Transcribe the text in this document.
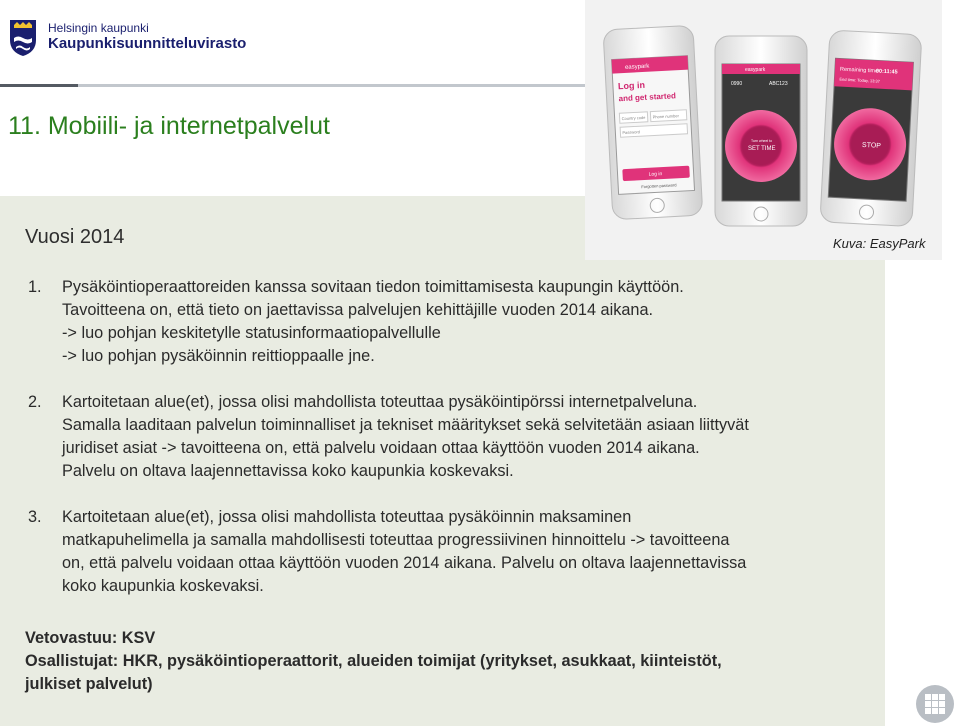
Helsingin kaupunki
Kaupunkisuunnitteluvirasto
11. Mobiili- ja internetpalvelut
easypark
Log in
and get started
Country code Phone number
Password
Log in
Forgotten password
easypark
0990	ABC123
Turn wheel to
SET TIME
Remaining time
00:11:45
End time: Today, 13:37
STOP
Kuva: EasyPark
Vuosi 2014
1. Pysäköintioperaattoreiden kanssa sovitaan tiedon toimittamisesta kaupungin käyttöön.
Tavoitteena on, että tieto on jaettavissa palvelujen kehittäjille vuoden 2014 aikana.
-> luo pohjan keskitetylle statusinformaatiopalvellulle
-> luo pohjan pysäköinnin reittioppaalle jne.
2. Kartoitetaan alue(et), jossa olisi mahdollista toteuttaa pysäköintipörssi internetpalveluna.
Samalla laaditaan palvelun toiminnalliset ja tekniset määritykset sekä selvitetään asiaan liittyvät
juridiset asiat -> tavoitteena on, että palvelu voidaan ottaa käyttöön vuoden 2014 aikana.
Palvelu on oltava laajennettavissa koko kaupunkia koskevaksi.
3. Kartoitetaan alue(et), jossa olisi mahdollista toteuttaa pysäköinnin maksaminen
matkapuhelimella ja samalla mahdollisesti toteuttaa progressiivinen hinnoittelu -> tavoitteena
on, että palvelu voidaan ottaa käyttöön vuoden 2014 aikana. Palvelu on oltava laajennettavissa
koko kaupunkia koskevaksi.
Vetovastuu: KSV
Osallistujat: HKR, pysäköintioperaattorit, alueiden toimijat (yritykset, asukkaat, kiinteistöt,
julkiset palvelut)
